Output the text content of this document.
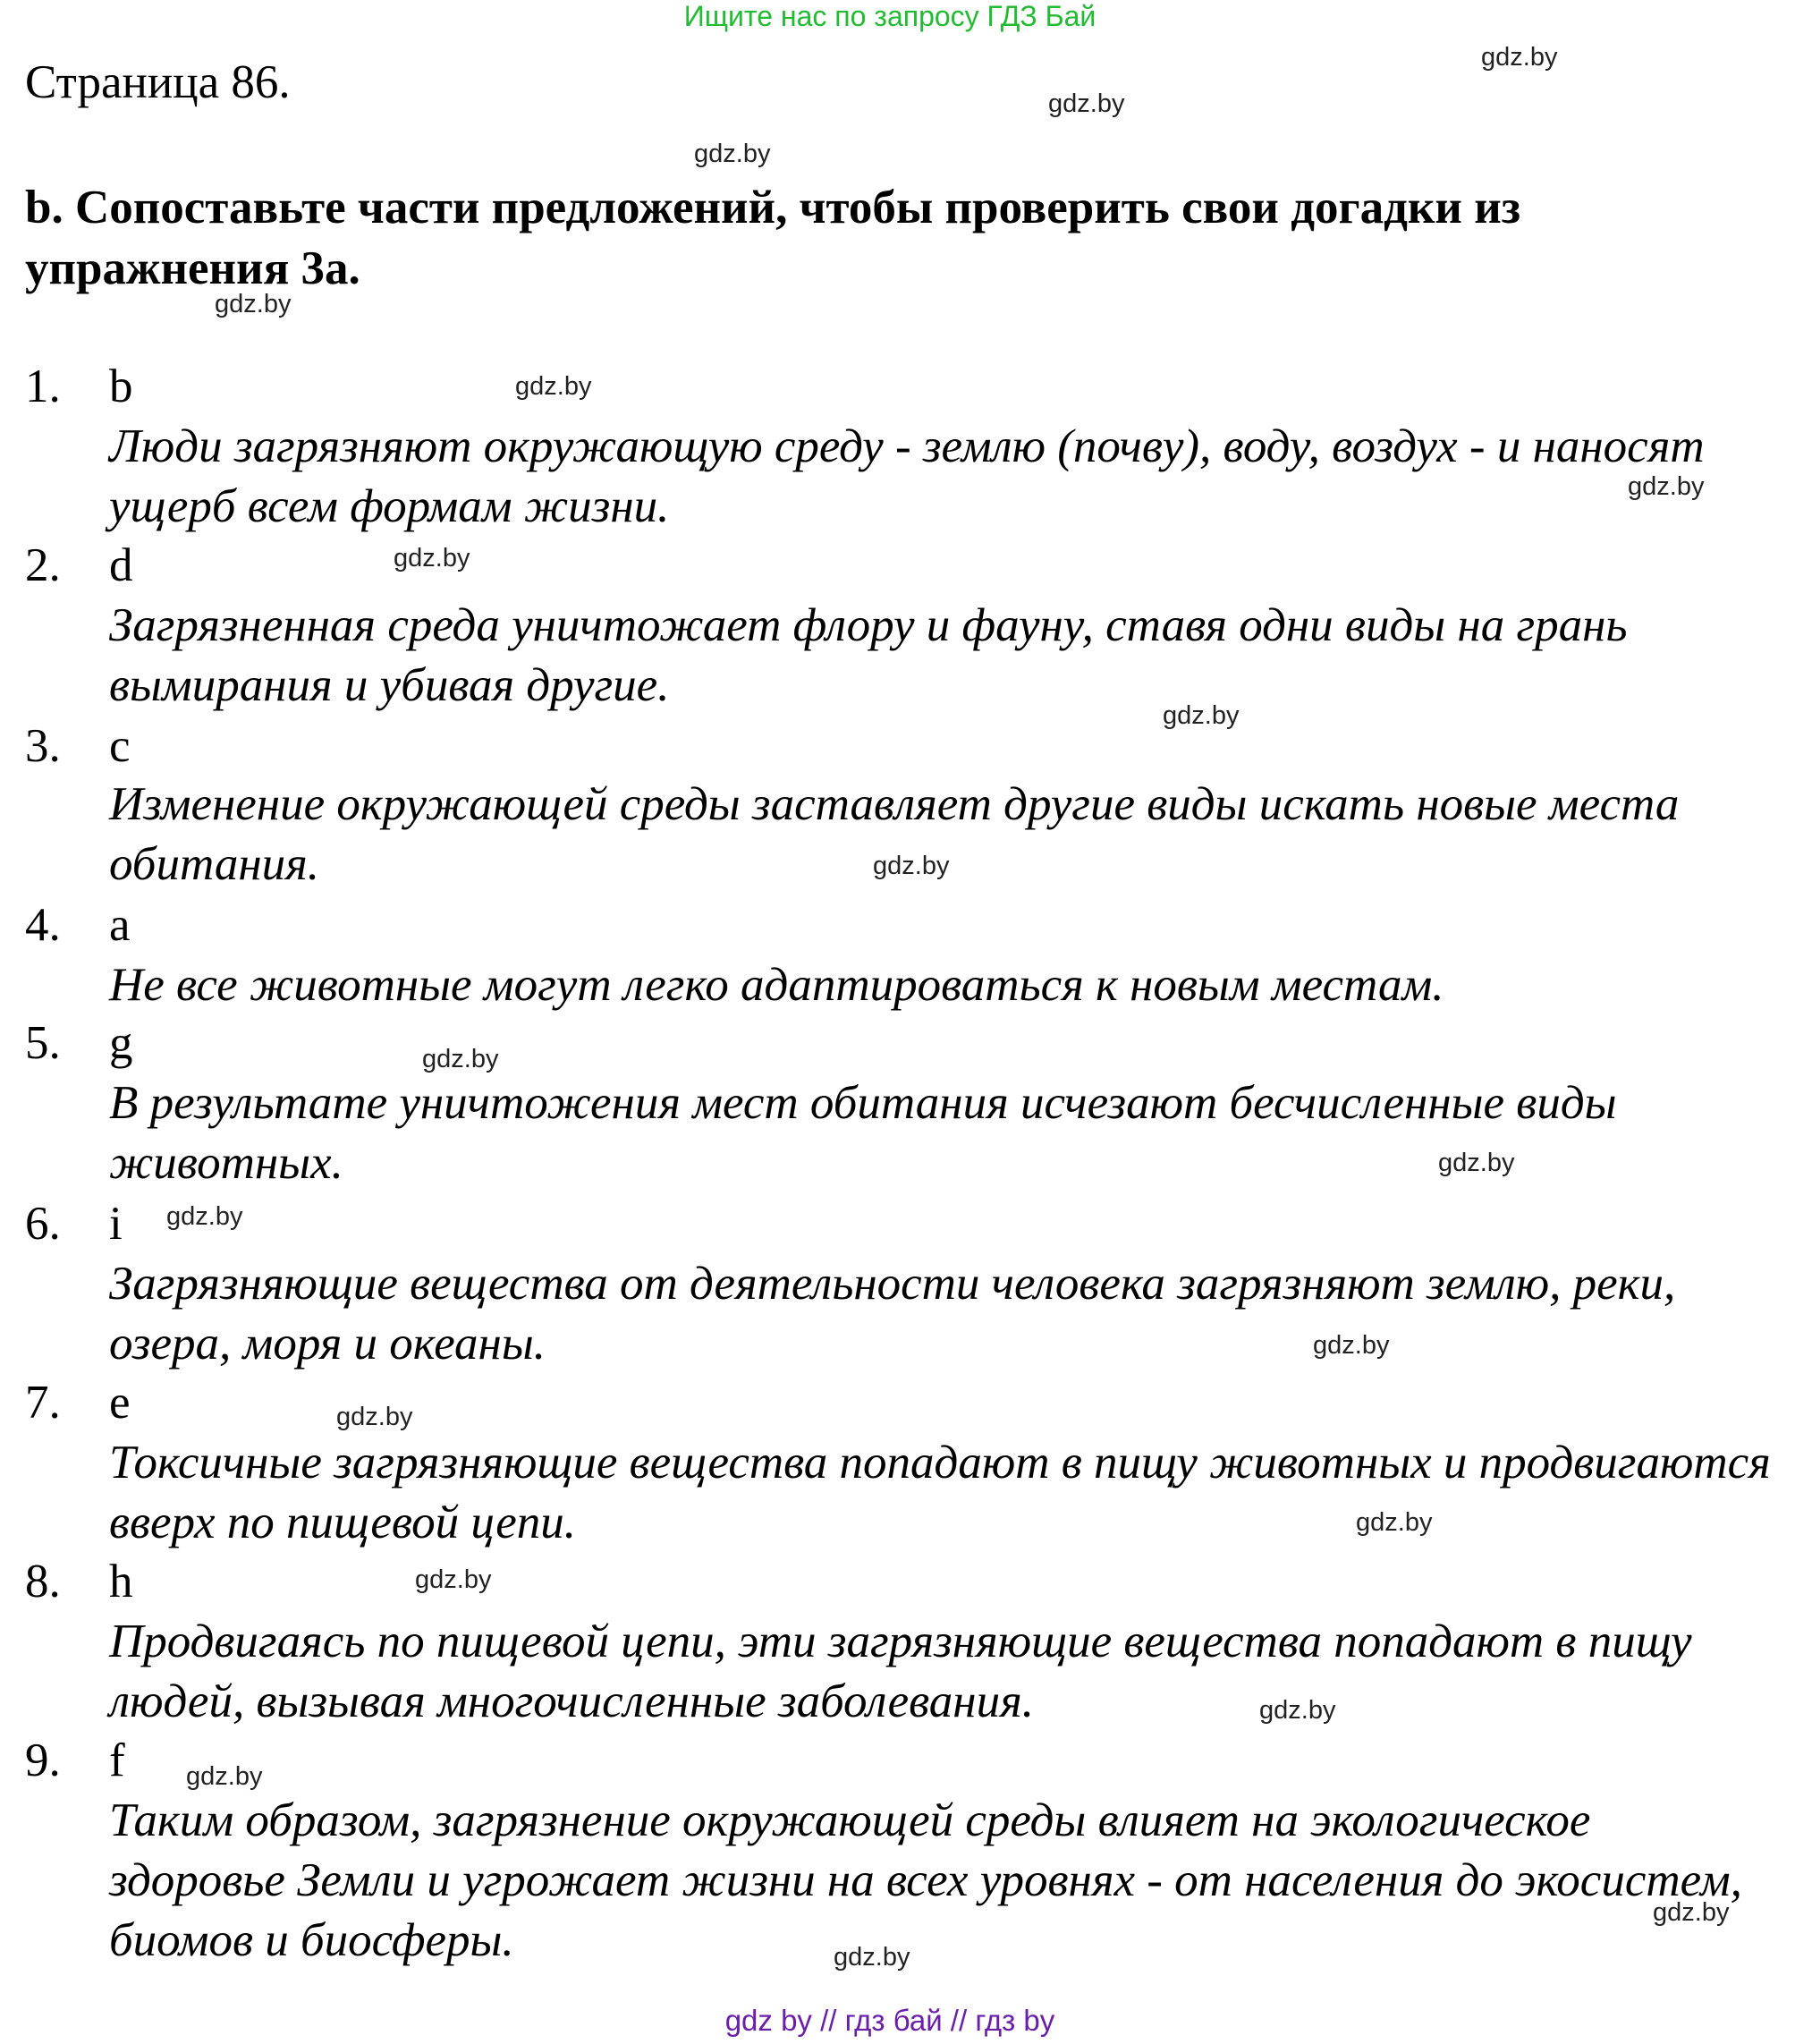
Ищите нас по запросу ГДЗ Бай
Страница 86.
b. Сопоставьте части предложений, чтобы проверить свои догадки из упражнения 3a.
1. b
Люди загрязняют окружающую среду - землю (почву), воду, воздух - и наносят ущерб всем формам жизни.
2. d
Загрязненная среда уничтожает флору и фауну, ставя одни виды на грань вымирания и убивая другие.
3. c
Изменение окружающей среды заставляет другие виды искать новые места обитания.
4. a
Не все животные могут легко адаптироваться к новым местам.
5. g
В результате уничтожения мест обитания исчезают бесчисленные виды животных.
6. i
Загрязняющие вещества от деятельности человека загрязняют землю, реки, озера, моря и океаны.
7. e
Токсичные загрязняющие вещества попадают в пищу животных и продвигаются вверх по пищевой цепи.
8. h
Продвигаясь по пищевой цепи, эти загрязняющие вещества попадают в пищу людей, вызывая многочисленные заболевания.
9. f
Таким образом, загрязнение окружающей среды влияет на экологическое здоровье Земли и угрожает жизни на всех уровнях - от населения до экосистем, биомов и биосферы.
gdz.by
gdz.by
gdz.by
gdz.by
gdz.by
gdz.by
gdz.by
gdz.by
gdz.by
gdz.by
gdz.by
gdz.by
gdz.by
gdz.by
gdz.by
gdz.by
gdz.by
gdz.by
gdz.by
gdz.by
gdz by // гдз бай // гдз by
